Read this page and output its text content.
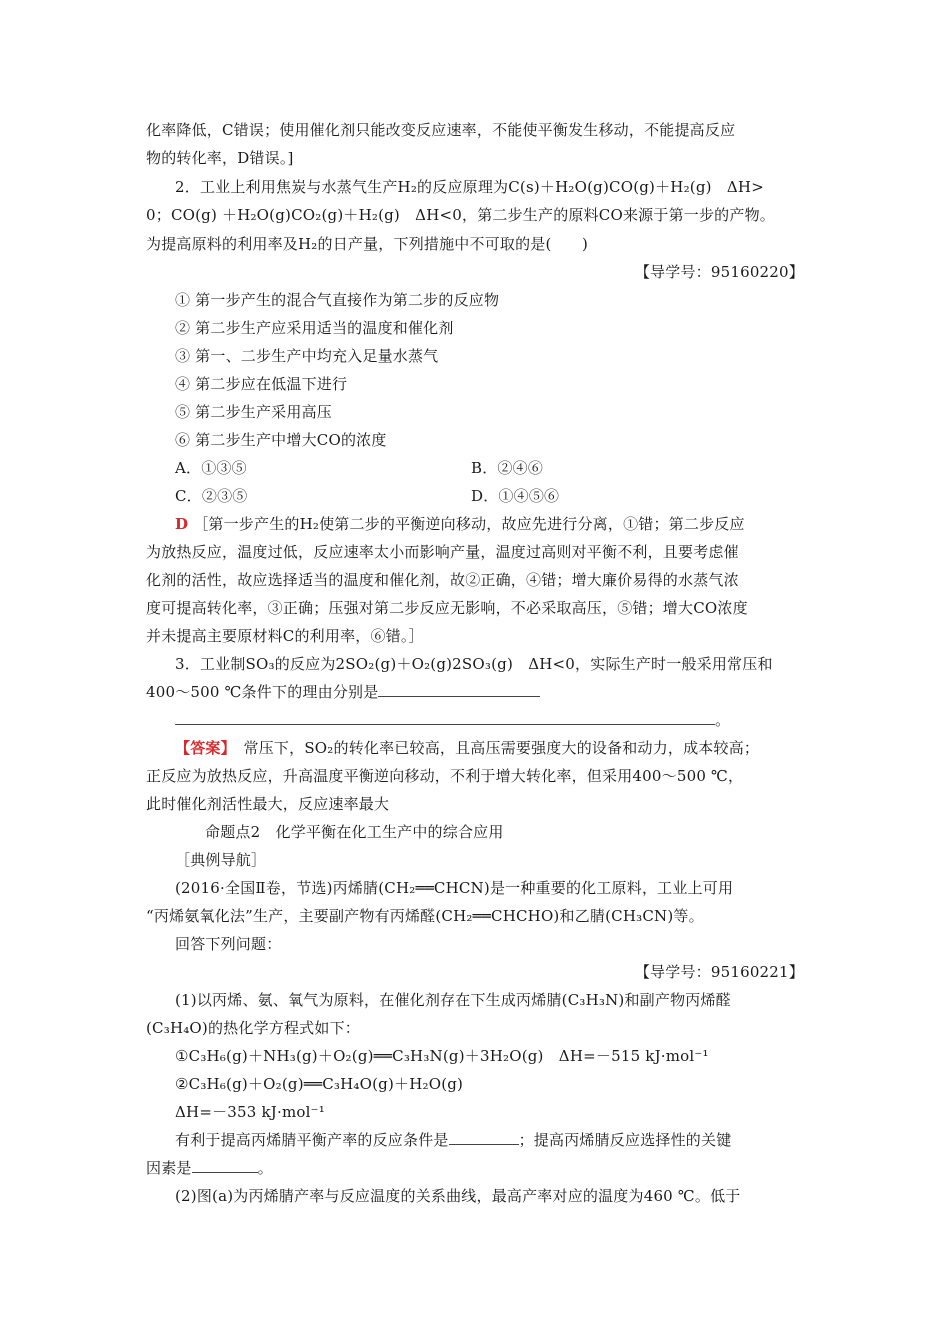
化率降低，C错误；使用催化剂只能改变反应速率，不能使平衡发生移动，不能提高反应
物的转化率，D错误。]
2．工业上利用焦炭与水蒸气生产H₂的反应原理为C(s)＋H₂O(g)CO(g)＋H₂(g)　ΔH>
0；CO(g) ＋H₂O(g)CO₂(g)＋H₂(g)　ΔH<0，第二步生产的原料CO来源于第一步的产物。
为提高原料的利用率及H₂的日产量，下列措施中不可取的是(　　)
【导学号：95160220】
① 第一步产生的混合气直接作为第二步的反应物
② 第二步生产应采用适当的温度和催化剂
③ 第一、二步生产中均充入足量水蒸气
④ 第二步应在低温下进行
⑤ 第二步生产采用高压
⑥ 第二步生产中增大CO的浓度
A．①③⑤	B．②④⑥
C．②③⑤	D．①④⑤⑥
D ［第一步产生的H₂使第二步的平衡逆向移动，故应先进行分离，①错；第二步反应
为放热反应，温度过低，反应速率太小而影响产量，温度过高则对平衡不利，且要考虑催
化剂的活性，故应选择适当的温度和催化剂，故②正确，④错；增大廉价易得的水蒸气浓
度可提高转化率，③正确；压强对第二步反应无影响，不必采取高压，⑤错；增大CO浓度
并未提高主要原材料C的利用率，⑥错。］
3．工业制SO₃的反应为2SO₂(g)＋O₂(g)2SO₃(g)　ΔH<0，实际生产时一般采用常压和
400～500 ℃条件下的理由分别是
。
【答案】　常压下，SO₂的转化率已较高，且高压需要强度大的设备和动力，成本较高；
正反应为放热反应，升高温度平衡逆向移动，不利于增大转化率，但采用400～500 ℃，
此时催化剂活性最大，反应速率最大
命题点2　化学平衡在化工生产中的综合应用
［典例导航］
(2016·全国Ⅱ卷，节选)丙烯腈(CH₂══CHCN)是一种重要的化工原料，工业上可用
“丙烯氨氧化法”生产，主要副产物有丙烯醛(CH₂══CHCHO)和乙腈(CH₃CN)等。
回答下列问题：
【导学号：95160221】
(1)以丙烯、氨、氧气为原料，在催化剂存在下生成丙烯腈(C₃H₃N)和副产物丙烯醛
(C₃H₄O)的热化学方程式如下：
①C₃H₆(g)＋NH₃(g)＋O₂(g)══C₃H₃N(g)＋3H₂O(g)　ΔH=－515 kJ·mol⁻¹
②C₃H₆(g)＋O₂(g)══C₃H₄O(g)＋H₂O(g)
ΔH=－353 kJ·mol⁻¹
有利于提高丙烯腈平衡产率的反应条件是	；提高丙烯腈反应选择性的关键
因素是	。
(2)图(a)为丙烯腈产率与反应温度的关系曲线，最高产率对应的温度为460 ℃。低于
